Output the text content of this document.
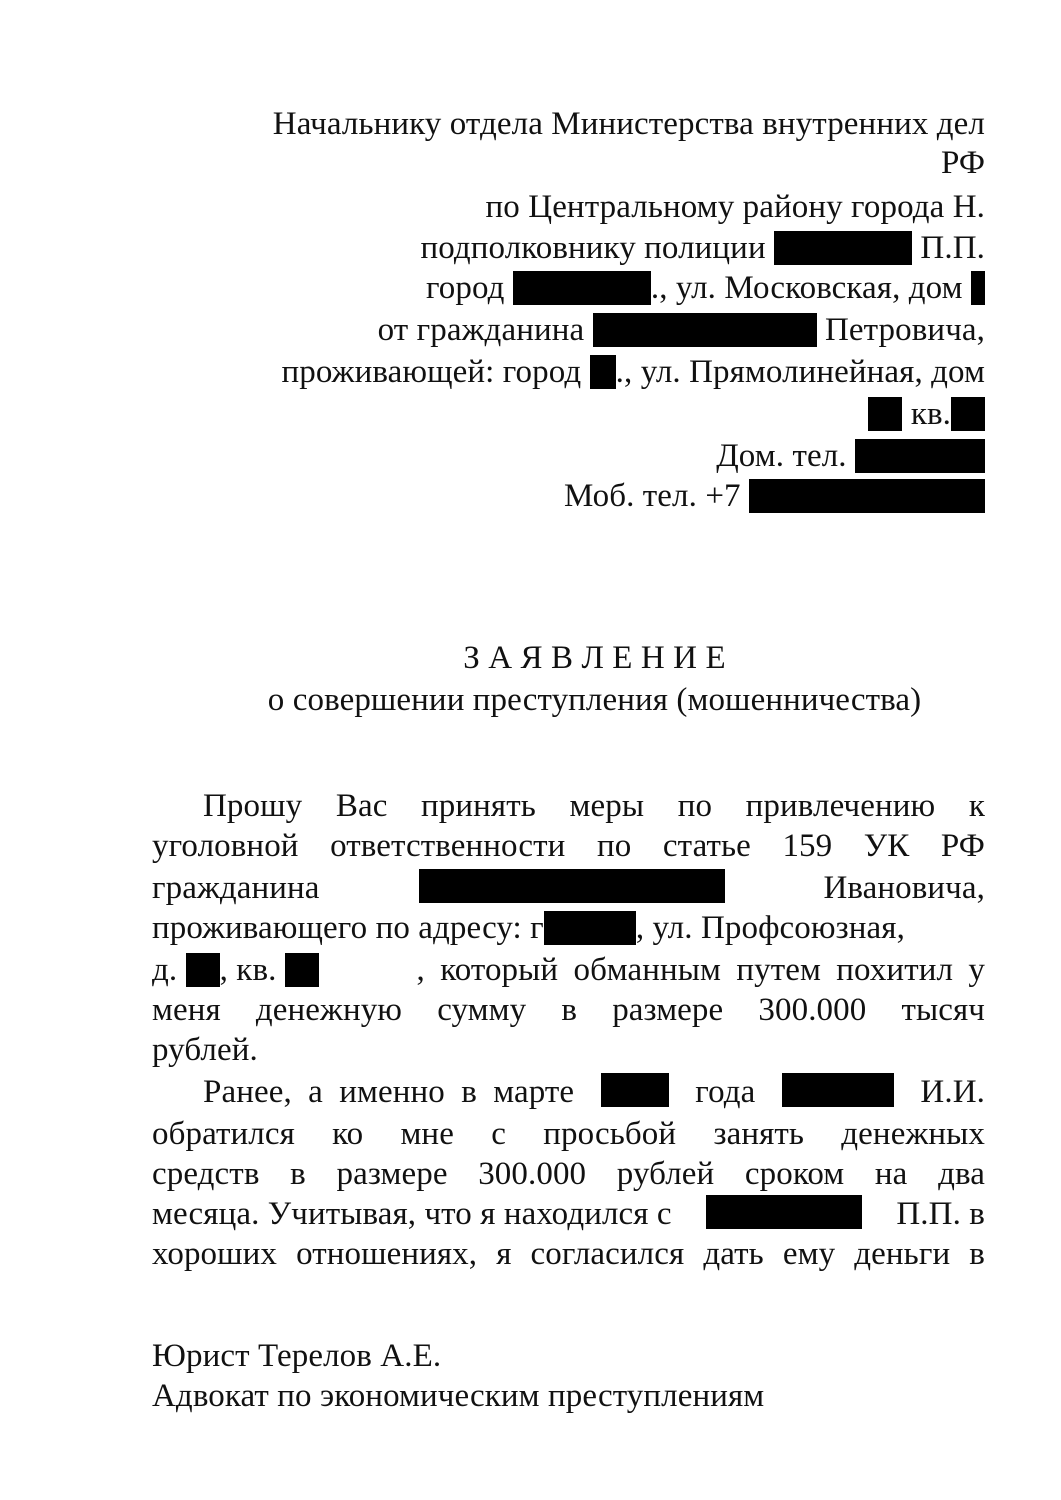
Начальнику отдела Министерства внутренних дел
РФ
по Центральному району города Н.
подполковнику полиции	П.П.
город	., ул. Московская, дом
от гражданина	Петровича,
проживающей: город ., ул. Прямолинейная, дом
кв.
Дом. тел.
Моб. тел. +7
З А Я В Л Е Н И Е
о совершении преступления (мошенничества)
Прошу Вас принять меры по привлечению к
уголовной ответственности по статье 159 УК РФ
гражданина	Ивановича,
проживающего по адресу: г	, ул. Профсоюзная,
д. , кв.	, который обманным путем похитил у
меня денежную сумму в размере 300.000 тысяч
рублей.
Ранее, а именно в марте	года	И.И.
обратился ко мне с просьбой занять денежных
средств в размере 300.000 рублей сроком на два
месяца. Учитывая, что я находился с	П.П. в
хороших отношениях, я согласился дать ему деньги в
Юрист Терелов А.Е.
Адвокат по экономическим преступлениям
